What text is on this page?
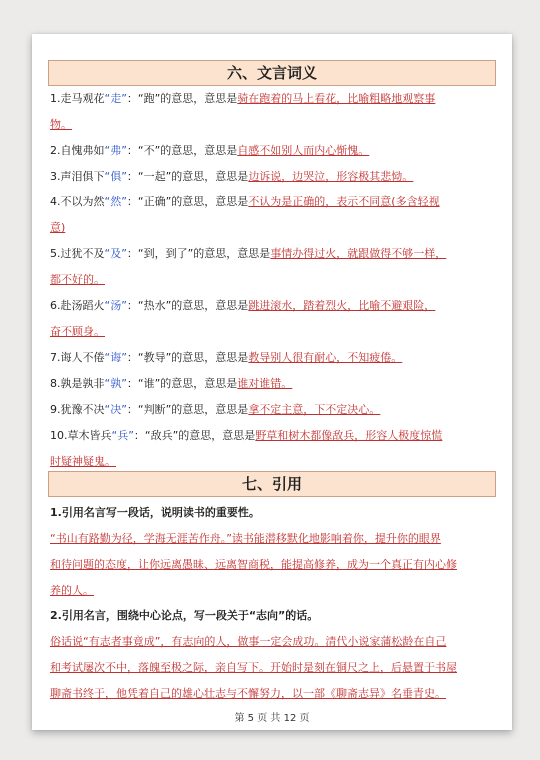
六、文言词义
1.走马观花“走”：“跑”的意思，意思是骑在跑着的马上看花，比喻粗略地观察事
物。
2.自愧弗如“弗”：“不”的意思，意思是自感不如别人而内心惭愧。
3.声泪俱下“俱”：“一起”的意思，意思是边诉说，边哭泣，形容极其悲恸。
4.不以为然“然”：“正确”的意思，意思是不认为是正确的，表示不同意(多含轻视
意)
5.过犹不及“及”：“到，到了”的意思，意思是事情办得过火，就跟做得不够一样，
都不好的。
6.赴汤蹈火“汤”：“热水”的意思，意思是跳进滚水，踏着烈火，比喻不避艰险，
奋不顾身。
7.诲人不倦“诲”：“教导”的意思，意思是教导别人很有耐心，不知疲倦。
8.孰是孰非“孰”：“谁”的意思，意思是谁对谁错。
9.犹豫不决“决”：“判断”的意思，意思是拿不定主意，下不定决心。
10.草木皆兵“兵”：“敌兵”的意思，意思是野草和树木都像敌兵，形容人极度惊慌
时疑神疑鬼。
七、引用
1.引用名言写一段话，说明读书的重要性。
“书山有路勤为径，学海无涯苦作舟。”读书能潜移默化地影响着你，提升你的眼界
和待问题的态度，让你远离愚昧、远离智商税，能提高修养，成为一个真正有内心修
养的人。
2.引用名言，围绕中心论点，写一段关于“志向”的话。
俗话说“有志者事竟成”，有志向的人，做事一定会成功。清代小说家蒲松龄在自己
和考试屡次不中，落魄至极之际，亲自写下。开始时是刻在铜尺之上，后悬置于书屋
聊斋书终于，他凭着自己的雄心壮志与不懈努力，以一部《聊斋志异》名垂青史。
第 5 页 共 12 页
